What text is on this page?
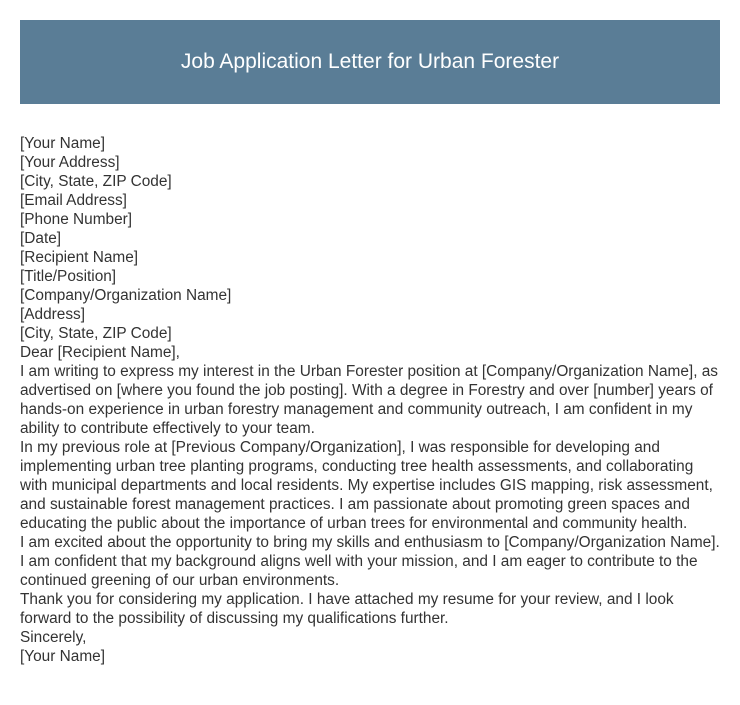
Job Application Letter for Urban Forester

[Your Name]

[Your Address]

[City, State, ZIP Code]

[Email Address]

[Phone Number]

[Date]

[Recipient Name]

[Title/Position]

[Company/Organization Name]

[Address]

[City, State, ZIP Code]

Dear [Recipient Name],

I am writing to express my interest in the Urban Forester position at [Company/Organization Name], as advertised on [where you found the job posting]. With a degree in Forestry and over [number] years of hands-on experience in urban forestry management and community outreach, I am confident in my ability to contribute effectively to your team.

In my previous role at [Previous Company/Organization], I was responsible for developing and implementing urban tree planting programs, conducting tree health assessments, and collaborating with municipal departments and local residents. My expertise includes GIS mapping, risk assessment, and sustainable forest management practices. I am passionate about promoting green spaces and educating the public about the importance of urban trees for environmental and community health.

I am excited about the opportunity to bring my skills and enthusiasm to [Company/Organization Name]. I am confident that my background aligns well with your mission, and I am eager to contribute to the continued greening of our urban environments.

Thank you for considering my application. I have attached my resume for your review, and I look forward to the possibility of discussing my qualifications further.

Sincerely,

[Your Name]
